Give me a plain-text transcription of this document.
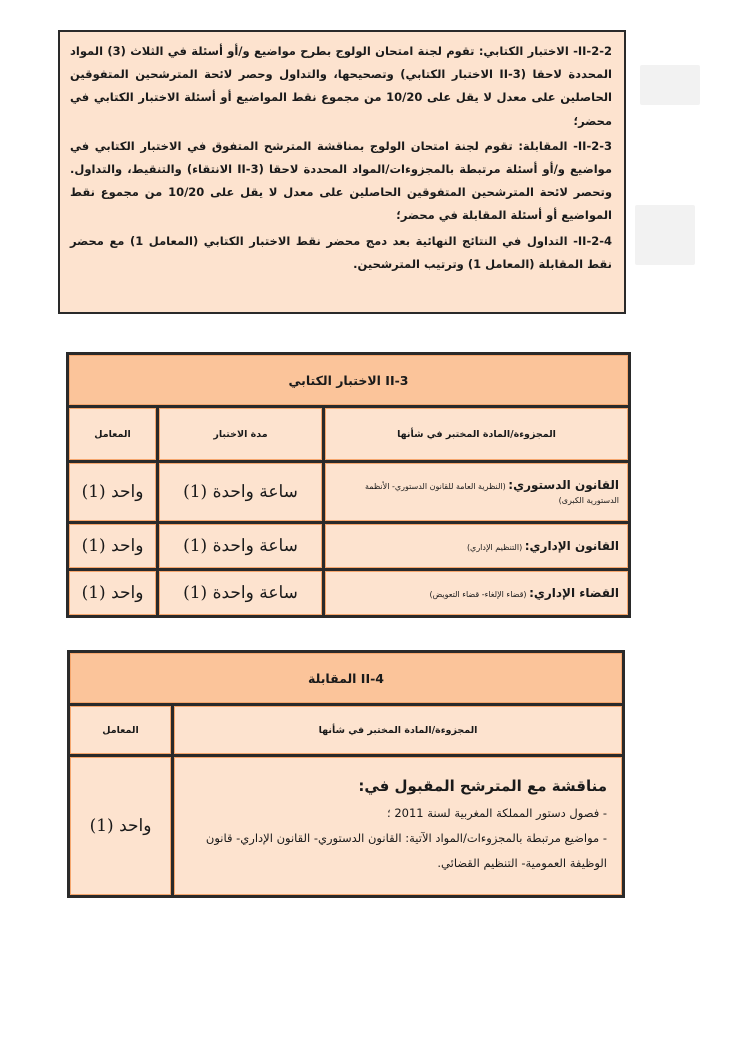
II-2-2- الاختبار الكتابي: تقوم لجنة امتحان الولوج بطرح مواضيع و/أو أسئلة في الثلاث (3) المواد المحددة لاحقا (II-3 الاختبار الكتابي) وتصحيحها، والتداول وحصر لائحة المترشحين المتفوقين الحاصلين على معدل لا يقل على 10/20 من مجموع نقط المواضيع أو أسئلة الاختبار الكتابي في محضر؛

II-2-3- المقابلة: تقوم لجنة امتحان الولوج بمناقشة المترشح المتفوق في الاختبار الكتابي في مواضيع و/أو أسئلة مرتبطة بالمجزوءات/المواد المحددة لاحقا (II-3 الانتقاء) والتنقيط، والتداول. وتحصر لائحة المترشحين المتفوقين الحاصلين على معدل لا يقل على 10/20 من مجموع نقط المواضيع أو أسئلة المقابلة في محضر؛

II-2-4- التداول في النتائج النهائية بعد دمج محضر نقط الاختبار الكتابي (المعامل 1) مع محضر نقط المقابلة (المعامل 1) وترتيب المترشحين.

II-3 الاختبار الكتابي		
المجزوءة/المادة المختبر في شأنها	مدة الاختبار	المعامل
القانون الدستوري: (النظرية العامة للقانون الدستوري- الأنظمة الدستورية الكبرى)	ساعة واحدة (1)	واحد (1)
القانون الإداري: (التنظيم الإداري)	ساعة واحدة (1)	واحد (1)
القضاء الإداري: (قضاء الإلغاء- قضاء التعويض)	ساعة واحدة (1)	واحد (1)
II-4 المقابلة	
المجزوءة/المادة المختبر في شأنها	المعامل

مناقشة مع المترشح المقبول في:
- فصول دستور المملكة المغربية لسنة 2011 ؛
- مواضيع مرتبطة بالمجزوءات/المواد الآتية: القانون الدستوري- القانون الإداري- قانون الوظيفة العمومية- التنظيم القضائي.	واحد (1)
